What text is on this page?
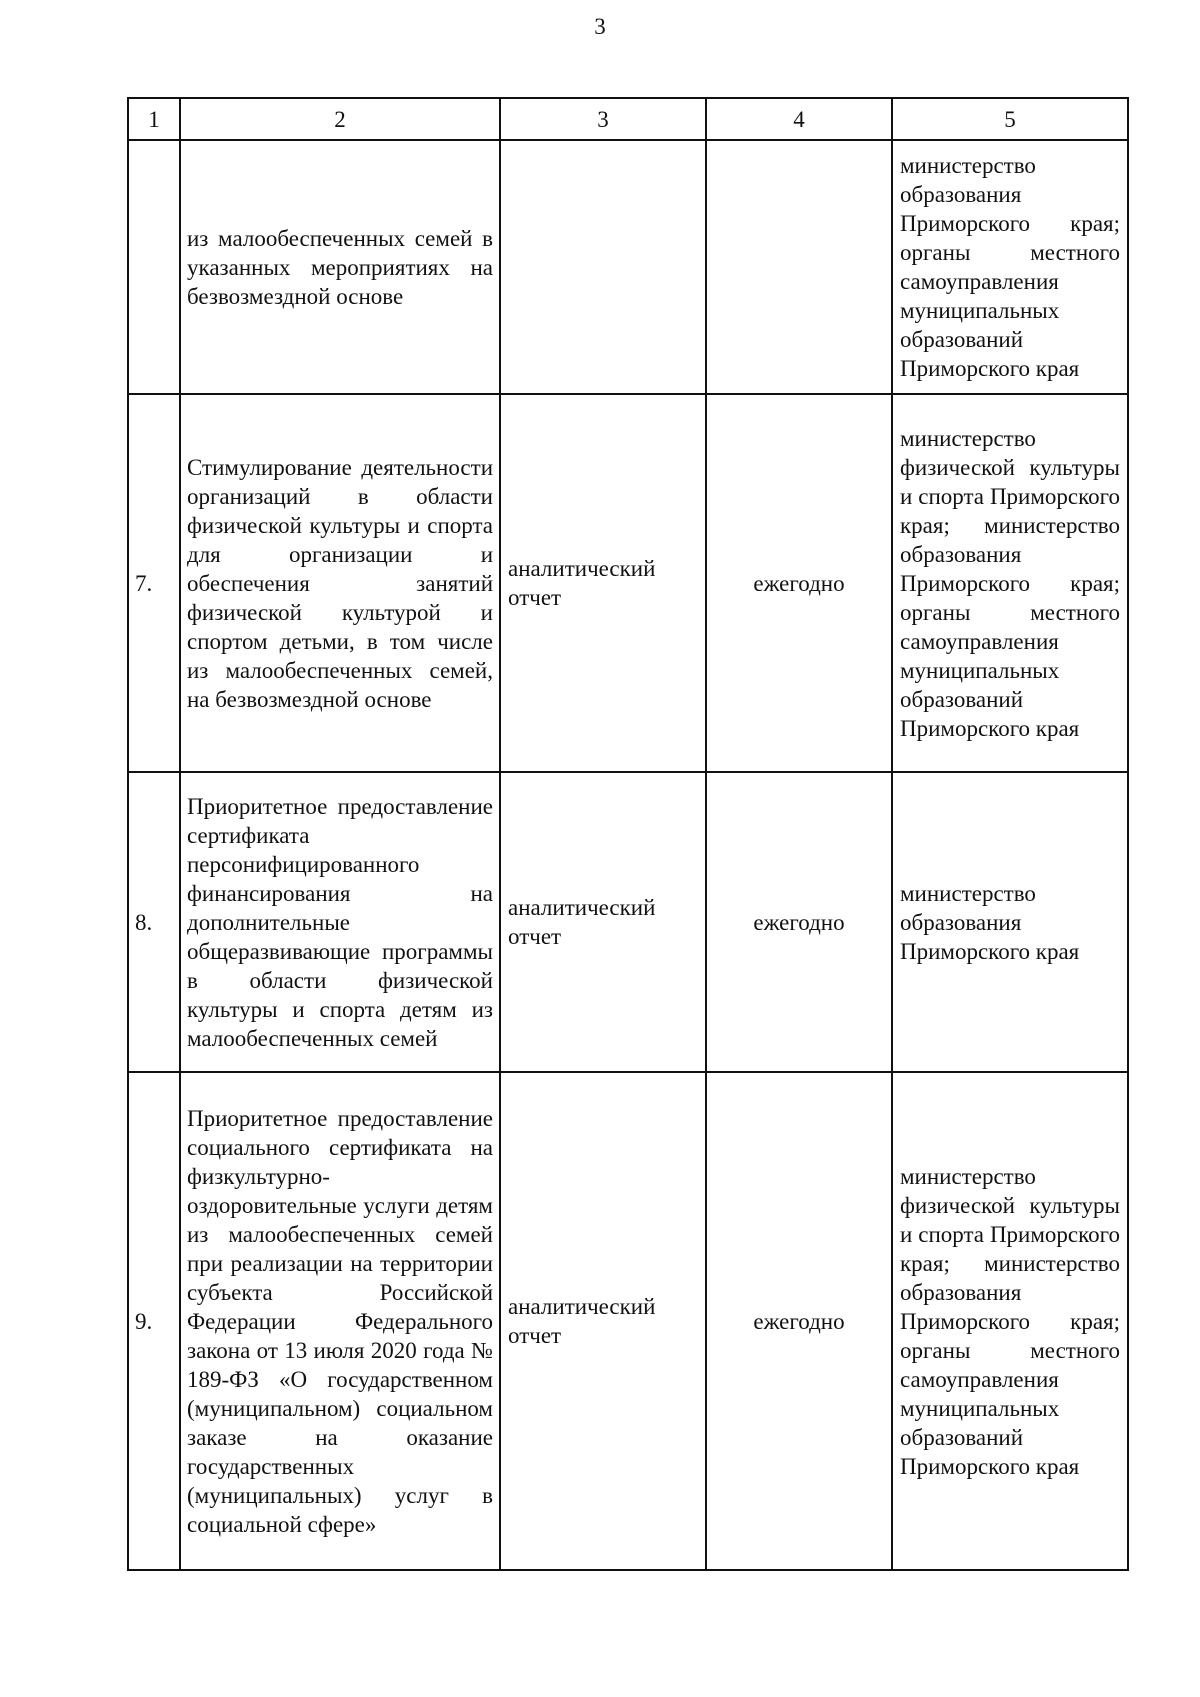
3
1	2	3	4	5
	из малообеспеченных семей в указанных мероприятиях на безвозмездной основе			министерство образования Приморского края; органы местного самоуправления муниципальных образований Приморского края
7.	Стимулирование деятельности организаций в области физической культуры и спорта для организации и обеспечения занятий физической культурой и спортом детьми, в том числе из малообеспеченных семей, на безвозмездной основе	аналитический отчет	ежегодно	министерство физической культуры и спорта Приморского края; министерство образования Приморского края; органы местного самоуправления муниципальных образований Приморского края
8.	Приоритетное предоставление сертификата персонифицированного финансирования на дополнительные общеразвивающие программы в области физической культуры и спорта детям из малообеспеченных семей	аналитический отчет	ежегодно	министерство образования Приморского края
9.	Приоритетное предоставление социального сертификата на физкультурно-оздоровительные услуги детям из малообеспеченных семей при реализации на территории субъекта Российской Федерации Федерального закона от 13 июля 2020 года № 189-ФЗ «О государственном (муниципальном) социальном заказе на оказание государственных (муниципальных) услуг в социальной сфере»	аналитический отчет	ежегодно	министерство физической культуры и спорта Приморского края; министерство образования Приморского края; органы местного самоуправления муниципальных образований Приморского края
